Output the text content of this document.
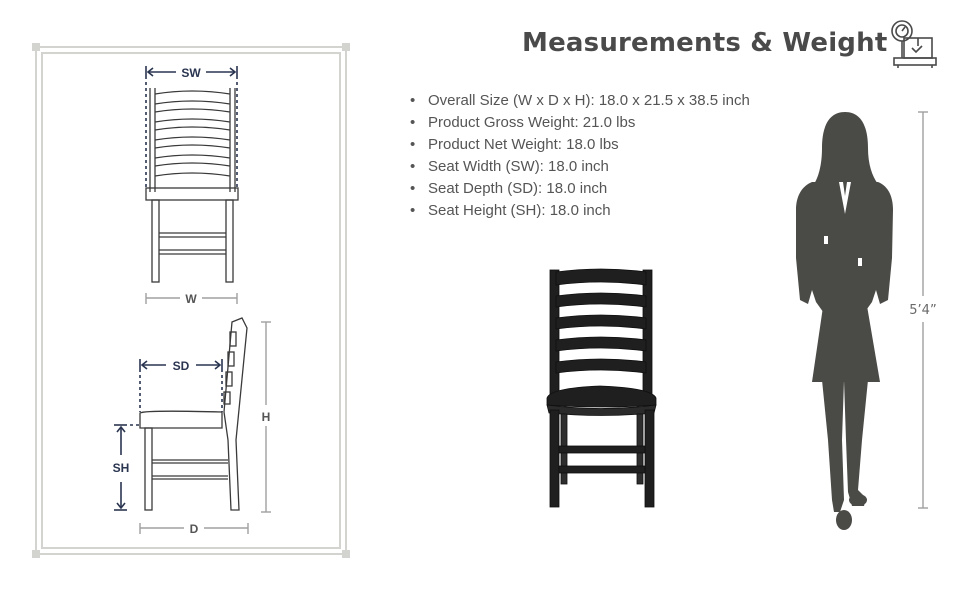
SW
W
SD
SH
H
D
5’4”
Measurements & Weight
• Overall Size (W x D x H): 18.0 x 21.5 x 38.5 inch
• Product Gross Weight: 21.0 lbs
• Product Net Weight: 18.0 lbs
• Seat Width (SW): 18.0 inch
• Seat Depth (SD): 18.0 inch
• Seat Height (SH): 18.0 inch
